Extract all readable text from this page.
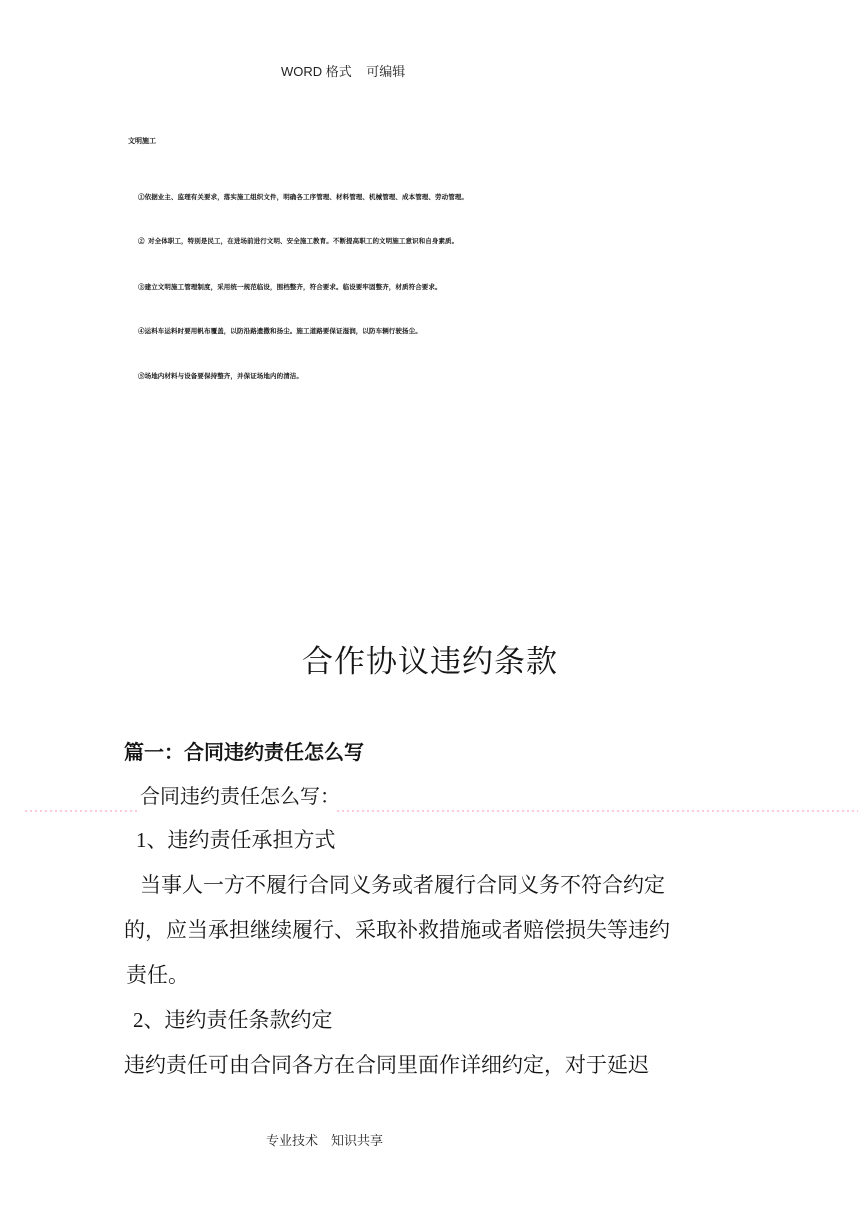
WORD 格式    可编辑
文明施工
①依据业主、监理有关要求，落实施工组织文件，明确各工序管理、材料管理、机械管理、成本管理、劳动管理。
②  对全体职工，特别是民工，在进场前进行文明、安全施工教育。不断提高职工的文明施工意识和自身素质。
③建立文明施工管理制度，采用统一规范临设，围档整齐，符合要求。临设要牢固整齐，材质符合要求。
④运料车运料时要用帆布覆盖，以防沿路遗撒和扬尘。施工道路要保证湿润，以防车辆行驶扬尘。
⑤场地内材料与设备要保持整齐，并保证场地内的清洁。
合作协议违约条款
篇一：合同违约责任怎么写
合同违约责任怎么写：
1、违约责任承担方式
当事人一方不履行合同义务或者履行合同义务不符合约定
的，应当承担继续履行、采取补救措施或者赔偿损失等违约
责任。
2、违约责任条款约定
违约责任可由合同各方在合同里面作详细约定，对于延迟
专业技术    知识共享
